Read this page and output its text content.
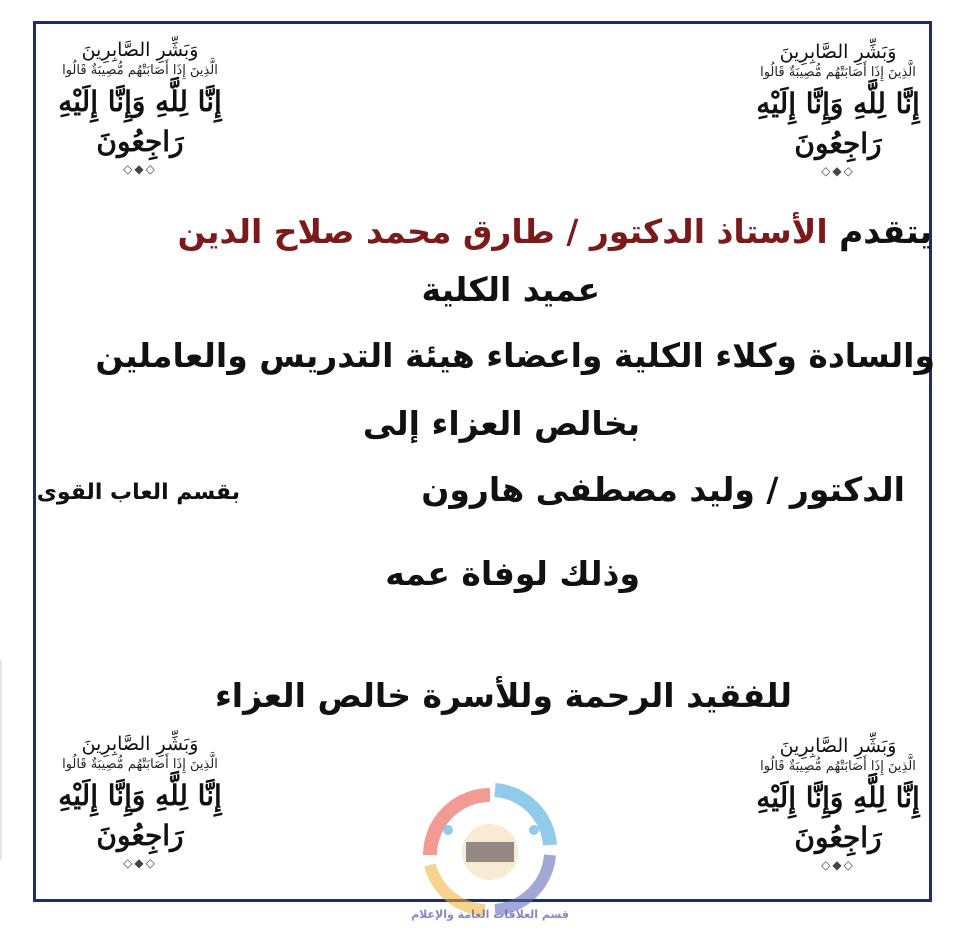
وَبَشِّرِ الصَّابِرِينَ
الَّذِينَ إِذَا أَصَابَتْهُم مُّصِيبَةٌ قَالُوا
إِنَّا لِلَّهِ وَإِنَّا إِلَيْهِ رَاجِعُونَ
◇◆◇
وَبَشِّرِ الصَّابِرِينَ
الَّذِينَ إِذَا أَصَابَتْهُم مُّصِيبَةٌ قَالُوا
إِنَّا لِلَّهِ وَإِنَّا إِلَيْهِ رَاجِعُونَ
◇◆◇
وَبَشِّرِ الصَّابِرِينَ
الَّذِينَ إِذَا أَصَابَتْهُم مُّصِيبَةٌ قَالُوا
إِنَّا لِلَّهِ وَإِنَّا إِلَيْهِ رَاجِعُونَ
◇◆◇
وَبَشِّرِ الصَّابِرِينَ
الَّذِينَ إِذَا أَصَابَتْهُم مُّصِيبَةٌ قَالُوا
إِنَّا لِلَّهِ وَإِنَّا إِلَيْهِ رَاجِعُونَ
◇◆◇
يتقدم الأستاذ الدكتور / طارق محمد صلاح الدين
عميد الكلية
والسادة وكلاء الكلية واعضاء هيئة التدريس والعاملين
بخالص العزاء إلى
الدكتور / وليد مصطفى هارون
بقسم العاب القوى
وذلك لوفاة عمه
للفقيد الرحمة وللأسرة خالص العزاء
قسم العلاقات العامة والإعلام
